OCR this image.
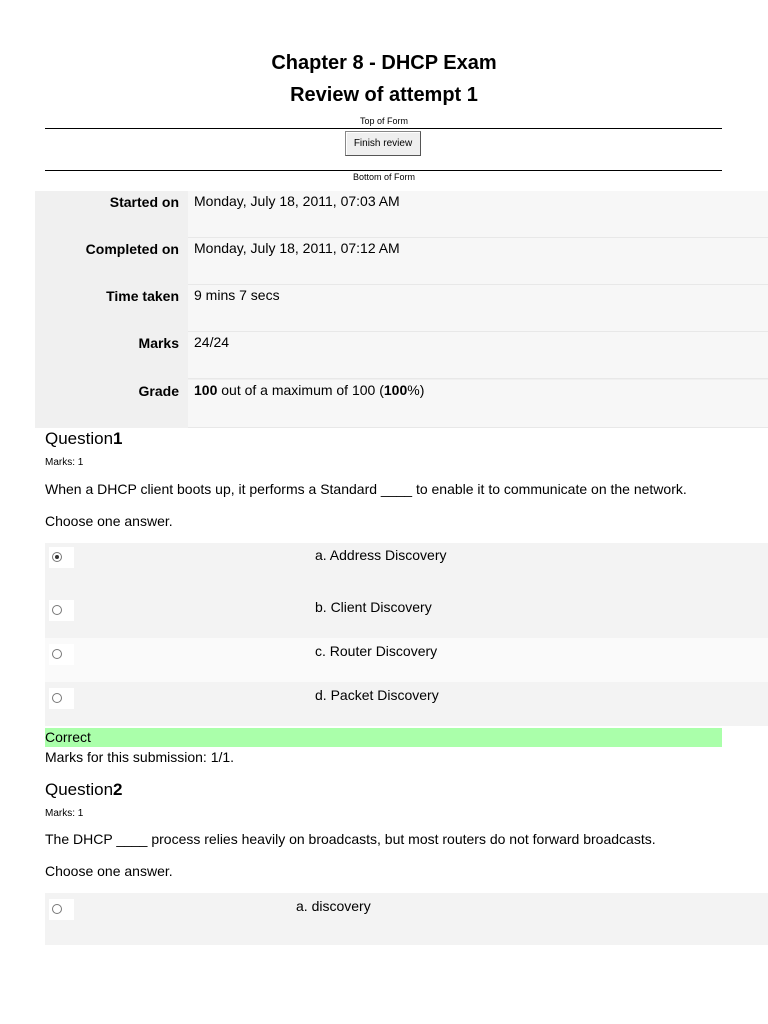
Chapter 8 - DHCP Exam
Review of attempt 1
Top of Form
Finish review
Bottom of Form
Started on	Monday, July 18, 2011, 07:03 AM
Completed on	Monday, July 18, 2011, 07:12 AM
Time taken	9 mins 7 secs
Marks	24/24
Grade	100 out of a maximum of 100 (100%)
Question1
Marks: 1
When a DHCP client boots up, it performs a Standard ____ to enable it to communicate on the network.
Choose one answer.
a. Address Discovery
b. Client Discovery
c. Router Discovery
d. Packet Discovery
Correct
Marks for this submission: 1/1.
Question2
Marks: 1
The DHCP ____ process relies heavily on broadcasts, but most routers do not forward broadcasts.
Choose one answer.
a. discovery
